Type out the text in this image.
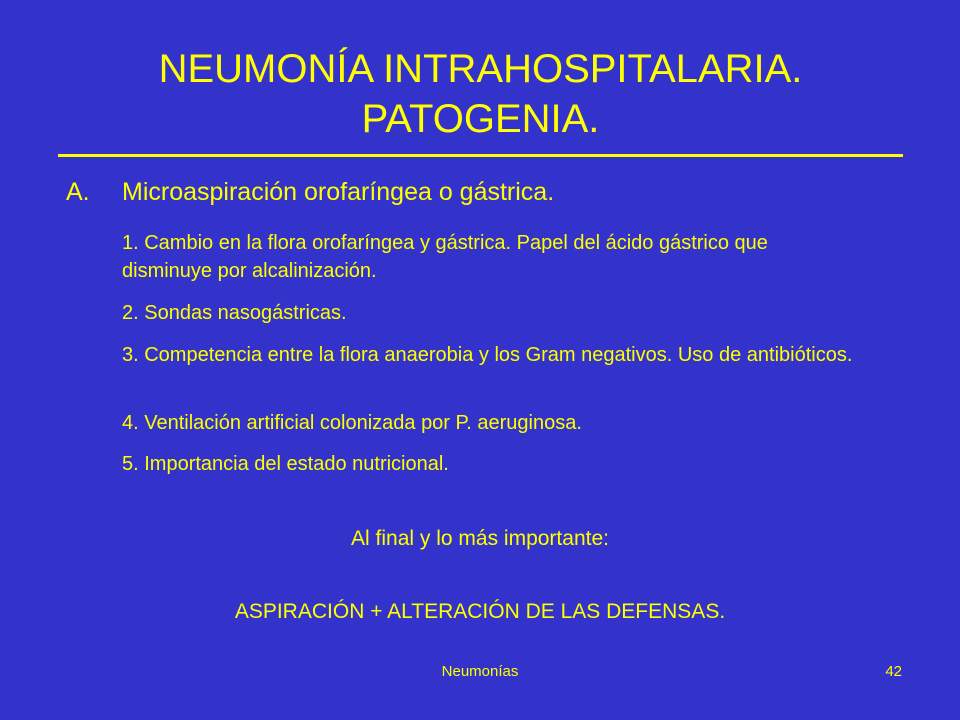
NEUMONÍA INTRAHOSPITALARIA.
PATOGENIA.
A. Microaspiración orofaríngea o gástrica.
1. Cambio en la flora orofaríngea y gástrica. Papel del ácido gástrico que disminuye por alcalinización.
2. Sondas nasogástricas.
3. Competencia entre la flora anaerobia y los Gram negativos. Uso de antibióticos.
4. Ventilación artificial colonizada por P. aeruginosa.
5. Importancia del estado nutricional.
Al final y lo más importante:
ASPIRACIÓN + ALTERACIÓN DE LAS DEFENSAS.
Neumonías	42
